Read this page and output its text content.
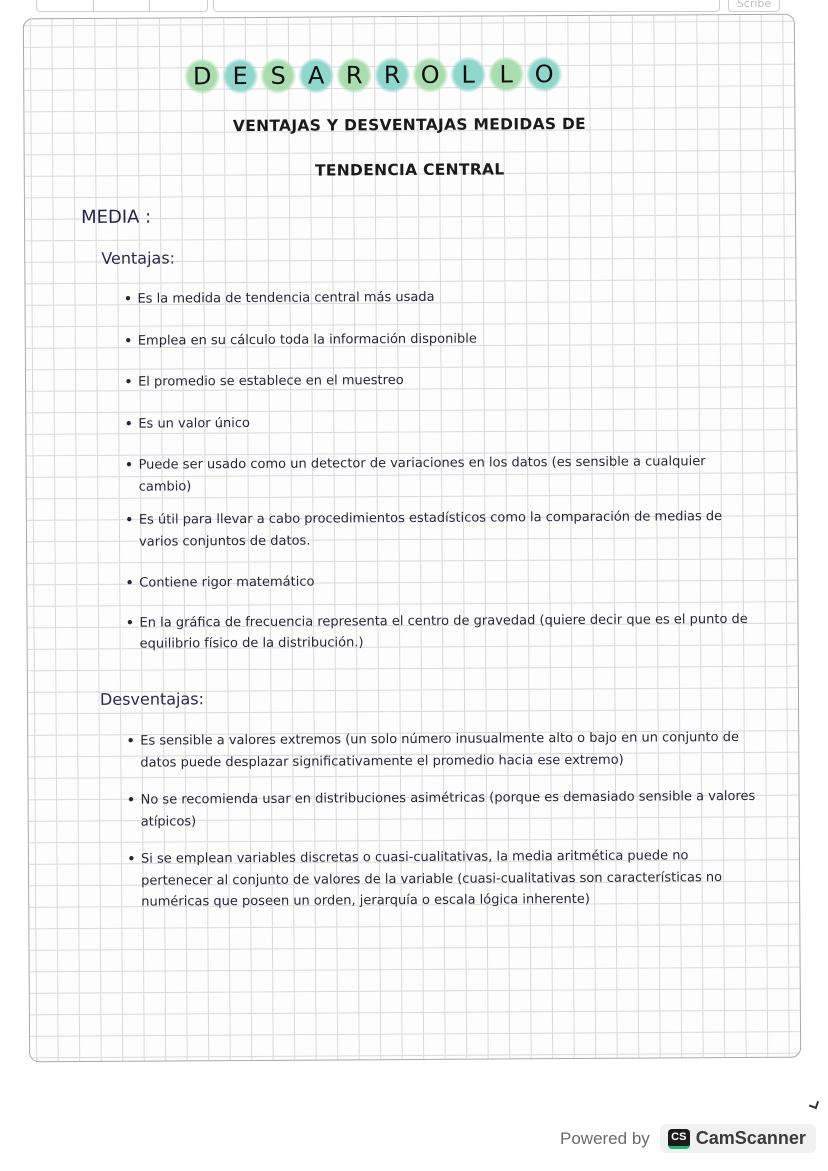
Scribe
D E S A R R O L	L O
VENTAJAS Y DESVENTAJAS MEDIDAS DE
TENDENCIA CENTRAL
MEDIA :
Ventajas:
• Es la medida de tendencia central más usada
• Emplea en su cálculo toda la información disponible
• El promedio se establece en el muestreo
• Es un valor único
• Puede ser usado como un detector de variaciones en los datos (es sensible a cualquier cambio)
• Es útil para llevar a cabo procedimientos estadísticos como la comparación de medias de varios conjuntos de datos.
• Contiene rigor matemático
• En la gráfica de frecuencia representa el centro de gravedad (quiere decir que es el punto de equilibrio físico de la distribución.)
Desventajas:
• Es sensible a valores extremos (un solo número inusualmente alto o bajo en un conjunto de datos puede desplazar significativamente el promedio hacia ese extremo)
• No se recomienda usar en distribuciones asimétricas (porque es demasiado sensible a valores atípicos)
• Si se emplean variables discretas o cuasi-cualitativas, la media aritmética puede no pertenecer al conjunto de valores de la variable (cuasi-cualitativas son características no numéricas que poseen un orden, jerarquía o escala lógica inherente)
Powered by	CS CamScanner
